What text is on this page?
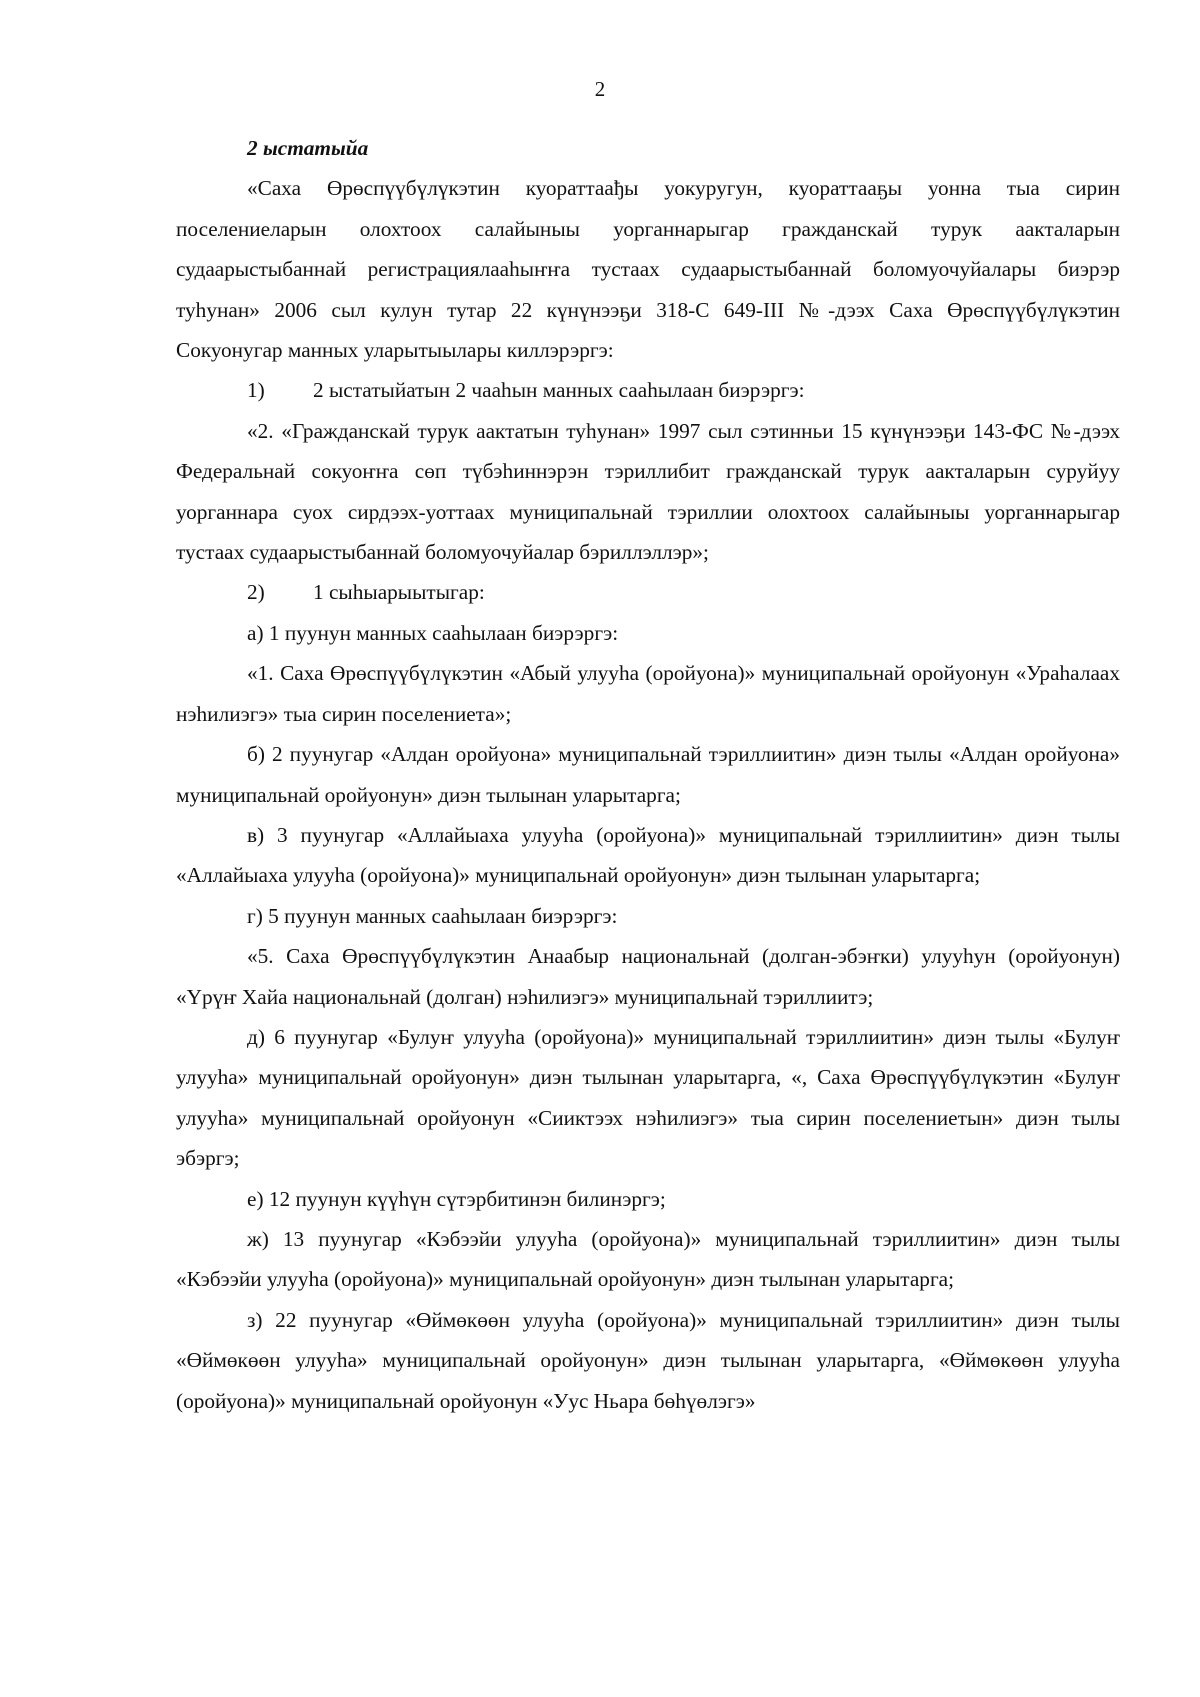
2

2 ыстатыйа

«Саха Өрөспүүбүлүкэтин куораттаађы уокуругун, куораттааҕы уонна тыа сирин поселениеларын олохтоох салайыныы уорганнарыгар гражданскай турук аакталарын судаарыстыбаннай регистрациялааһыҥҥа тустаах судаарыстыбаннай боломуочуйалары биэрэр туһунан» 2006 сыл кулун тутар 22 күнүнээҕи 318-С 649-III №-дээх Саха Өрөспүүбүлүкэтин Сокуонугар манных уларытыылары киллэрэргэ:

1) 2 ыстатыйатын 2 чааһын манных сааһылаан биэрэргэ:

«2. «Гражданскай турук аактатын туһунан» 1997 сыл сэтинньи 15 күнүнээҕи 143-ФС №-дээх Федеральнай сокуоҥҥа сөп түбэһиннэрэн тэриллибит гражданскай турук аакталарын суруйуу уорганнара суох сирдээх-уоттаах муниципальнай тэриллии олохтоох салайыныы уорганнарыгар тустаах судаарыстыбаннай боломуочуйалар бэриллэллэр»;

2) 1 сыһыарыытыгар:

а) 1 пуунун манных сааһылаан биэрэргэ:

«1. Саха Өрөспүүбүлүкэтин «Абый улууһа (оройуона)» муниципальнай оройуонун «Ураһалаах нэһилиэгэ» тыа сирин поселениета»;

б) 2 пуунугар «Алдан оройуона» муниципальнай тэриллиитин» диэн тылы «Алдан оройуона» муниципальнай оройуонун» диэн тылынан уларытарга;

в) 3 пуунугар «Аллайыаха улууһа (оройуона)» муниципальнай тэриллиитин» диэн тылы «Аллайыаха улууһа (оройуона)» муниципальнай оройуонун» диэн тылынан уларытарга;

г) 5 пуунун манных сааһылаан биэрэргэ:

«5. Саха Өрөспүүбүлүкэтин Анаабыр национальнай (долган-эбэҥки) улууһун (оройуонун) «Үрүҥ Хайа национальнай (долган) нэһилиэгэ» муниципальнай тэриллиитэ;

д) 6 пуунугар «Булуҥ улууһа (оройуона)» муниципальнай тэриллиитин» диэн тылы «Булуҥ улууһа» муниципальнай оройуонун» диэн тылынан уларытарга, «, Саха Өрөспүүбүлүкэтин «Булуҥ улууһа» муниципальнай оройуонун «Сииктээх нэһилиэгэ» тыа сирин поселениетын» диэн тылы эбэргэ;

е) 12 пуунун күүһүн сүтэрбитинэн билинэргэ;

ж) 13 пуунугар «Кэбээйи улууһа (оройуона)» муниципальнай тэриллиитин» диэн тылы «Кэбээйи улууһа (оройуона)» муниципальнай оройуонун» диэн тылынан уларытарга;

з) 22 пуунугар «Өймөкөөн улууһа (оройуона)» муниципальнай тэриллиитин» диэн тылы «Өймөкөөн улууһа» муниципальнай оройуонун» диэн тылынан уларытарга, «Өймөкөөн улууһа (оройуона)» муниципальнай оройуонун «Уус Ньара бөһүөлэгэ»
